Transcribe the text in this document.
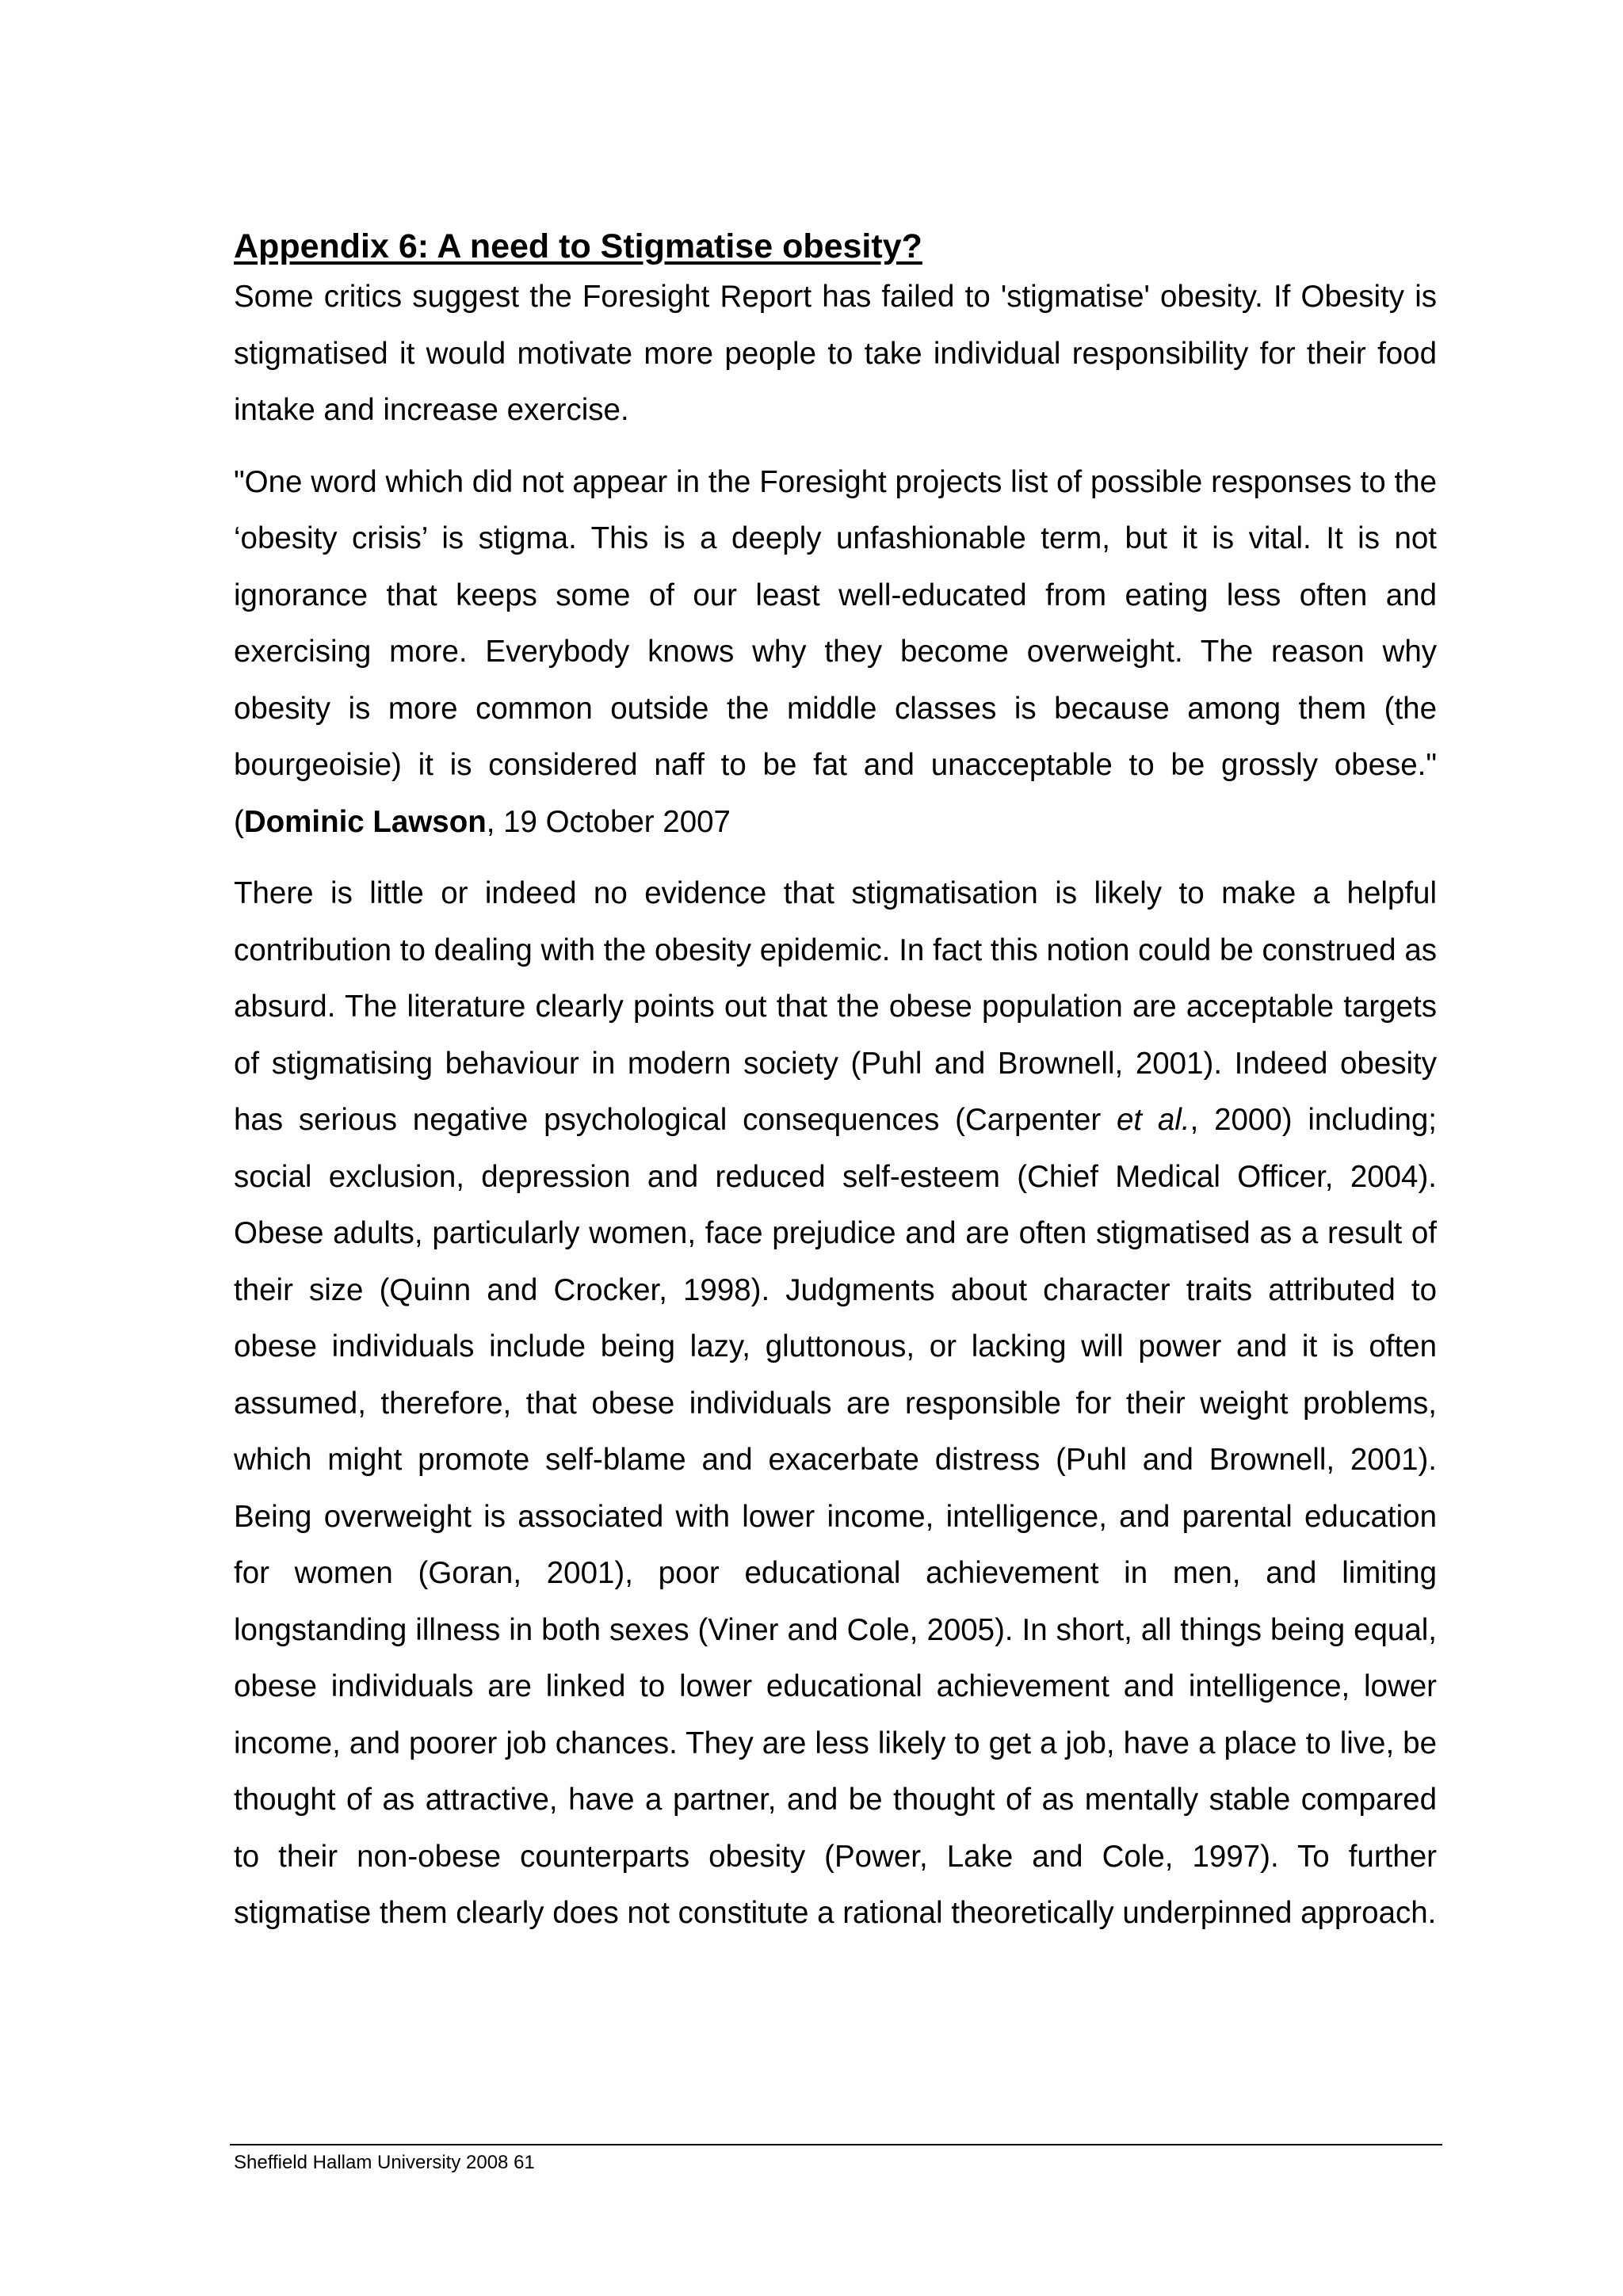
Appendix 6: A need to Stigmatise obesity?

Some critics suggest the Foresight Report has failed to 'stigmatise' obesity. If Obesity is stigmatised it would motivate more people to take individual responsibility for their food intake and increase exercise.

"One word which did not appear in the Foresight projects list of possible responses to the ‘obesity crisis’ is stigma. This is a deeply unfashionable term, but it is vital. It is not ignorance that keeps some of our least well-educated from eating less often and exercising more. Everybody knows why they become overweight. The reason why obesity is more common outside the middle classes is because among them (the bourgeoisie) it is considered naff to be fat and unacceptable to be grossly obese." (Dominic Lawson, 19 October 2007

There is little or indeed no evidence that stigmatisation is likely to make a helpful contribution to dealing with the obesity epidemic. In fact this notion could be construed as absurd. The literature clearly points out that the obese population are acceptable targets of stigmatising behaviour in modern society (Puhl and Brownell, 2001). Indeed obesity has serious negative psychological consequences (Carpenter et al., 2000) including; social exclusion, depression and reduced self-esteem (Chief Medical Officer, 2004). Obese adults, particularly women, face prejudice and are often stigmatised as a result of their size (Quinn and Crocker, 1998). Judgments about character traits attributed to obese individuals include being lazy, gluttonous, or lacking will power and it is often assumed, therefore, that obese individuals are responsible for their weight problems, which might promote self-blame and exacerbate distress (Puhl and Brownell, 2001). Being overweight is associated with lower income, intelligence, and parental education for women (Goran, 2001), poor educational achievement in men, and limiting longstanding illness in both sexes (Viner and Cole, 2005). In short, all things being equal, obese individuals are linked to lower educational achievement and intelligence, lower income, and poorer job chances. They are less likely to get a job, have a place to live, be thought of as attractive, have a partner, and be thought of as mentally stable compared to their non-obese counterparts obesity (Power, Lake and Cole, 1997). To further stigmatise them clearly does not constitute a rational theoretically underpinned approach.

Sheffield Hallam University 2008 61
